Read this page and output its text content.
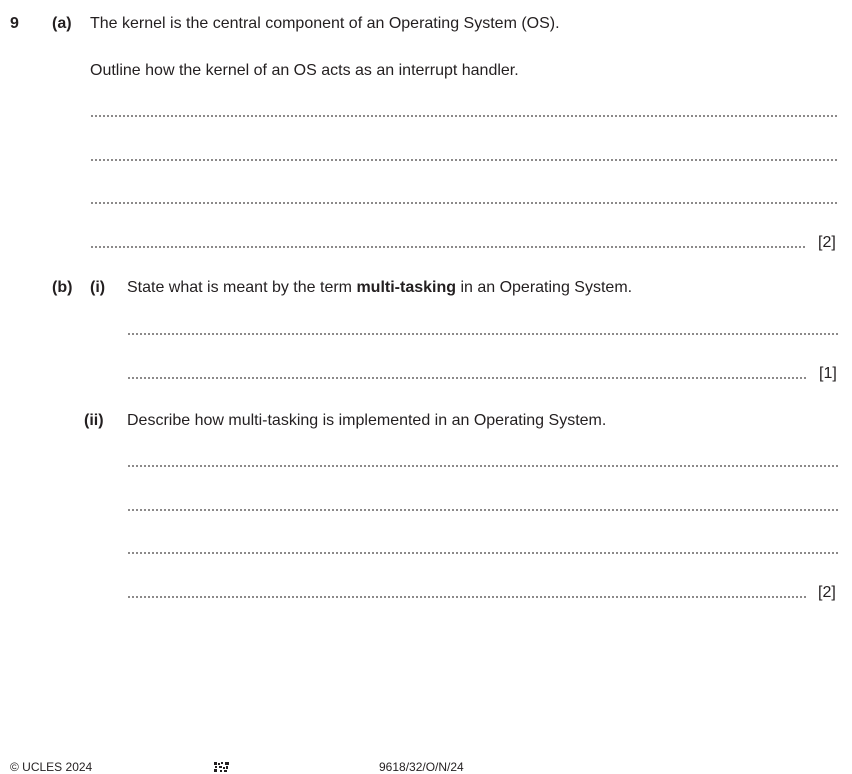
9 (a) The kernel is the central component of an Operating System (OS).
Outline how the kernel of an OS acts as an interrupt handler.
[2]
(b) (i) State what is meant by the term multi-tasking in an Operating System.
[1]
(ii) Describe how multi-tasking is implemented in an Operating System.
[2]
© UCLES 2024	9618/32/O/N/24
